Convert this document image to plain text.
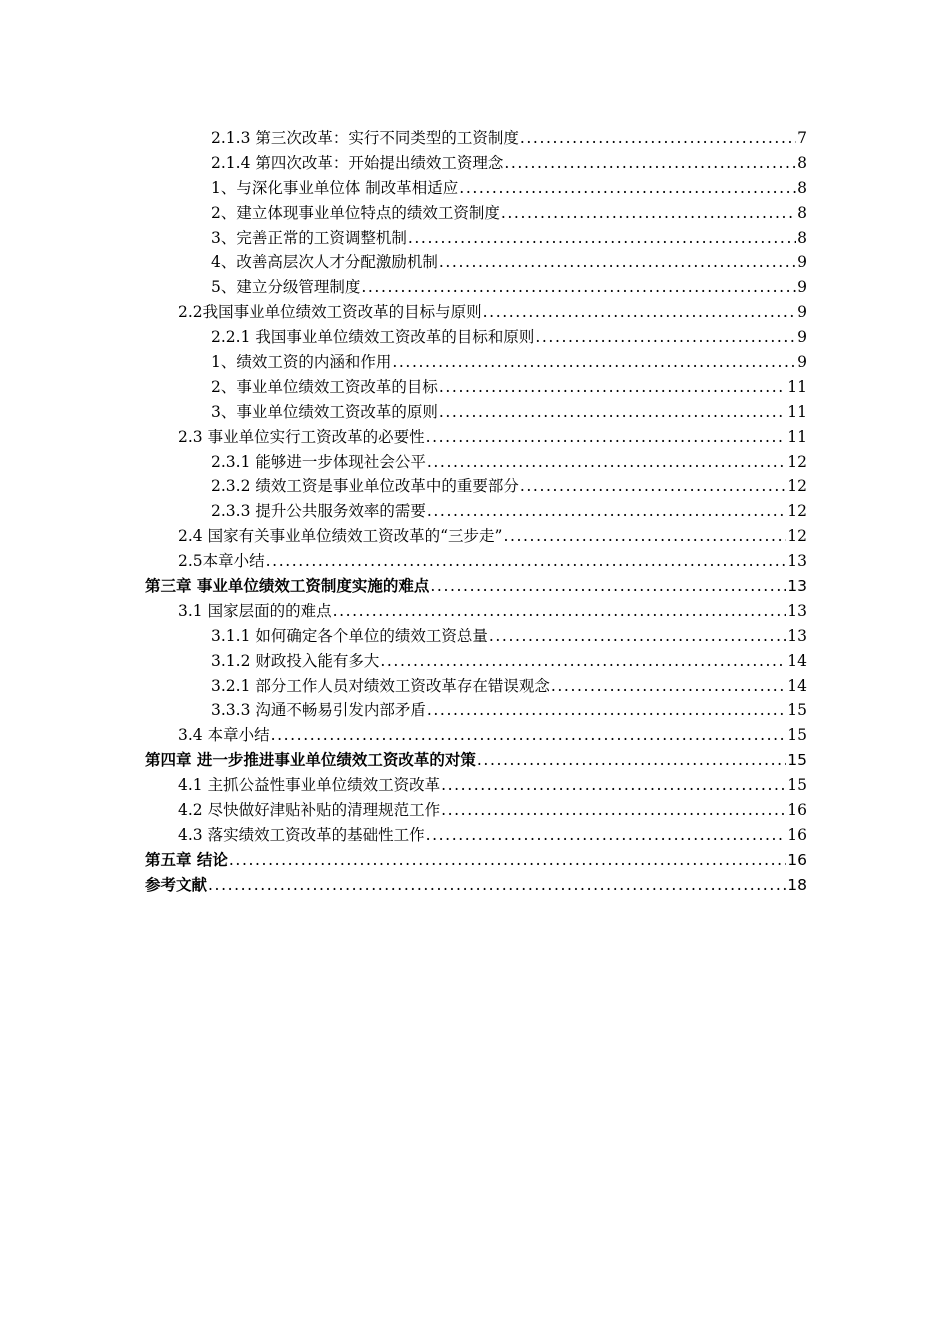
2.1.3 第三次改革：实行不同类型的工资制度 .....	7
2.1.4 第四次改革：开始提出绩效工资理念 .....	8
1、与深化事业单位体 制改革相适应 .....	8
2、建立体现事业单位特点的绩效工资制度 .....	8
3、完善正常的工资调整机制 .....	8
4、改善高层次人才分配激励机制 .....	9
5、建立分级管理制度 .....	9
2.2我国事业单位绩效工资改革的目标与原则 .....	9
2.2.1 我国事业单位绩效工资改革的目标和原则 .....	9
1、绩效工资的内涵和作用 .....	9
2、事业单位绩效工资改革的目标 .....	11
3、事业单位绩效工资改革的原则 .....	11
2.3 事业单位实行工资改革的必要性 .....	11
2.3.1 能够进一步体现社会公平 .....	12
2.3.2 绩效工资是事业单位改革中的重要部分 .....	12
2.3.3 提升公共服务效率的需要 .....	12
2.4 国家有关事业单位绩效工资改革的“三步走” .....	12
2.5本章小结 .....	13
第三章 事业单位绩效工资制度实施的难点 .....	13
3.1 国家层面的的难点 .....	13
3.1.1 如何确定各个单位的绩效工资总量 .....	13
3.1.2 财政投入能有多大 .....	14
3.2.1 部分工作人员对绩效工资改革存在错误观念 .....	14
3.3.3 沟通不畅易引发内部矛盾 .....	15
3.4 本章小结 .....	15
第四章 进一步推进事业单位绩效工资改革的对策 .....	15
4.1 主抓公益性事业单位绩效工资改革 .....	15
4.2 尽快做好津贴补贴的清理规范工作 .....	16
4.3 落实绩效工资改革的基础性工作 .....	16
第五章 结论 .....	16
参考文献 .....	18
